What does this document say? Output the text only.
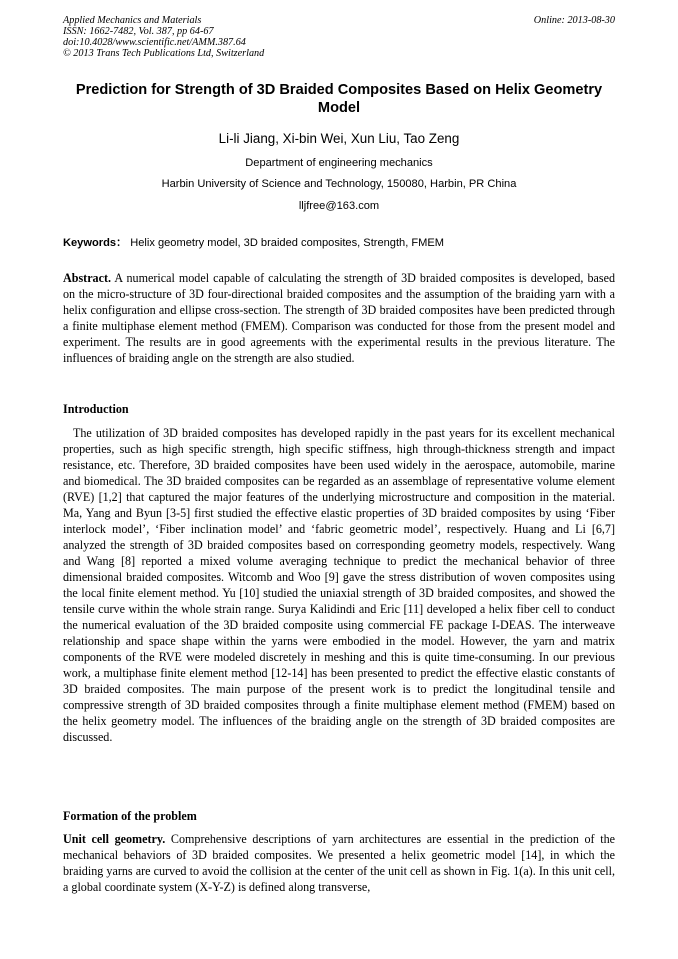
Applied Mechanics and Materials
ISSN: 1662-7482, Vol. 387, pp 64-67
doi:10.4028/www.scientific.net/AMM.387.64
© 2013 Trans Tech Publications Ltd, Switzerland
Online: 2013-08-30
Prediction for Strength of 3D Braided Composites Based on Helix Geometry Model
Li-li Jiang, Xi-bin Wei, Xun Liu, Tao Zeng
Department of engineering mechanics
Harbin University of Science and Technology, 150080, Harbin, PR China
lljfree@163.com
Keywords： Helix geometry model, 3D braided composites, Strength, FMEM

Abstract. A numerical model capable of calculating the strength of 3D braided composites is developed, based on the micro-structure of 3D four-directional braided composites and the assumption of the braiding yarn with a helix configuration and ellipse cross-section. The strength of 3D braided composites have been predicted through a finite multiphase element method (FMEM). Comparison was conducted for those from the present model and experiment. The results are in good agreements with the experimental results in the previous literature. The influences of braiding angle on the strength are also studied.

Introduction

The utilization of 3D braided composites has developed rapidly in the past years for its excellent mechanical properties, such as high specific strength, high specific stiffness, high through-thickness strength and impact resistance, etc. Therefore, 3D braided composites have been used widely in the aerospace, automobile, marine and biomedical. The 3D braided composites can be regarded as an assemblage of representative volume element (RVE) [1,2] that captured the major features of the underlying microstructure and composition in the material. Ma, Yang and Byun [3-5] first studied the effective elastic properties of 3D braided composites by using ‘Fiber interlock model’, ‘Fiber inclination model’ and ‘fabric geometric model’, respectively. Huang and Li [6,7] analyzed the strength of 3D braided composites based on corresponding geometry models, respectively. Wang and Wang [8] reported a mixed volume averaging technique to predict the mechanical behavior of three dimensional braided composites. Witcomb and Woo [9] gave the stress distribution of woven composites using the local finite element method. Yu [10] studied the uniaxial strength of 3D braided composites, and showed the tensile curve within the whole strain range. Surya Kalidindi and Eric [11] developed a helix fiber cell to conduct the numerical evaluation of the 3D braided composite using commercial FE package I-DEAS. The interweave relationship and space shape within the yarns were embodied in the model. However, the yarn and matrix components of the RVE were modeled discretely in meshing and this is quite time-consuming. In our previous work, a multiphase finite element method [12-14] has been presented to predict the effective elastic constants of 3D braided composites. The main purpose of the present work is to predict the longitudinal tensile and compressive strength of 3D braided composites through a finite multiphase element method (FMEM) based on the helix geometry model. The influences of the braiding angle on the strength of 3D braided composites are discussed.

Formation of the problem

Unit cell geometry. Comprehensive descriptions of yarn architectures are essential in the prediction of the mechanical behaviors of 3D braided composites. We presented a helix geometric model [14], in which the braiding yarns are curved to avoid the collision at the center of the unit cell as shown in Fig. 1(a). In this unit cell, a global coordinate system (X-Y-Z) is defined along transverse,
